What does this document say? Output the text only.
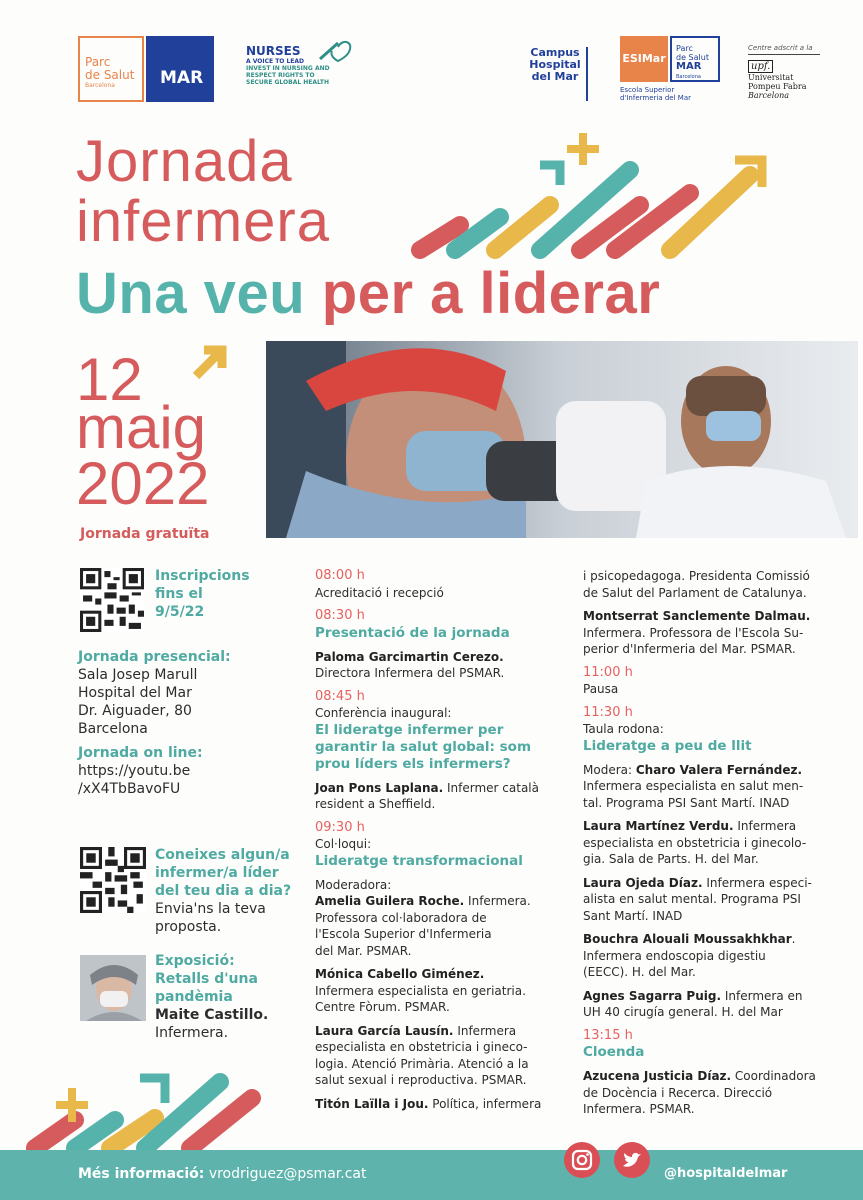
Parc
de Salut
Barcelona	MAR
NURSES
A VOICE TO LEAD
INVEST IN NURSING AND
RESPECT RIGHTS TO
SECURE GLOBAL HEALTH
Campus
Hospital
del Mar
ESIMar
Parc
de Salut
MAR
Barcelona
Escola Superior
d'Infermeria del Mar
Centre adscrit a la
upf. Universitat
Pompeu Fabra
Barcelona
Jornada
infermera
Una veu per a liderar
12
maig
2022
Jornada gratuïta
Inscripcions
fins el
9/5/22
Jornada presencial:
Sala Josep Marull
Hospital del Mar
Dr. Aiguader, 80
Barcelona
Jornada on line:
https://youtu.be
/xX4TbBavoFU
Coneixes algun/a
infermer/a líder
del teu dia a dia?
Envia'ns la teva
proposta.
Exposició:
Retalls d'una
pandèmia
Maite Castillo.
Infermera.

08:00 h

Acreditació i recepció

08:30 h

Presentació de la jornada

Paloma Garcimartin Cerezo.

Directora Infermera del PSMAR.

08:45 h

Conferència inaugural:

El lideratge infermer per

garantir la salut global: som

prou líders els infermers?

Joan Pons Laplana. Infermer català

resident a Sheffield.

09:30 h

Col·loqui:

Lideratge transformacional

Moderadora:

Amelia Guilera Roche. Infermera.

Professora col·laboradora de

l'Escola Superior d'Infermeria

del Mar. PSMAR.

Mónica Cabello Giménez.

Infermera especialista en geriatria.

Centre Fòrum. PSMAR.

Laura García Lausín. Infermera

especialista en obstetricia i gineco-

logia. Atenció Primària. Atenció a la

salut sexual i reproductiva. PSMAR.

Titón Laïlla i Jou. Política, infermera

i psicopedagoga. Presidenta Comissió

de Salut del Parlament de Catalunya.

Montserrat Sanclemente Dalmau.

Infermera. Professora de l'Escola Su-

perior d'Infermeria del Mar. PSMAR.

11:00 h

Pausa

11:30 h

Taula rodona:

Lideratge a peu de llit

Modera: Charo Valera Fernández.

Infermera especialista en salut men-

tal. Programa PSI Sant Martí. INAD

Laura Martínez Verdu. Infermera

especialista en obstetricia i ginecolo-

gia. Sala de Parts. H. del Mar.

Laura Ojeda Díaz. Infermera especi-

alista en salut mental. Programa PSI

Sant Martí. INAD

Bouchra Alouali Moussakhkhar.

Infermera endoscopia digestiu

(EECC). H. del Mar.

Agnes Sagarra Puig. Infermera en

UH 40 cirugía general. H. del Mar

13:15 h

Cloenda

Azucena Justicia Díaz. Coordinadora

de Docència i Recerca. Direcció

Infermera. PSMAR.

Més informació: vrodriguez@psmar.cat	@hospitaldelmar
